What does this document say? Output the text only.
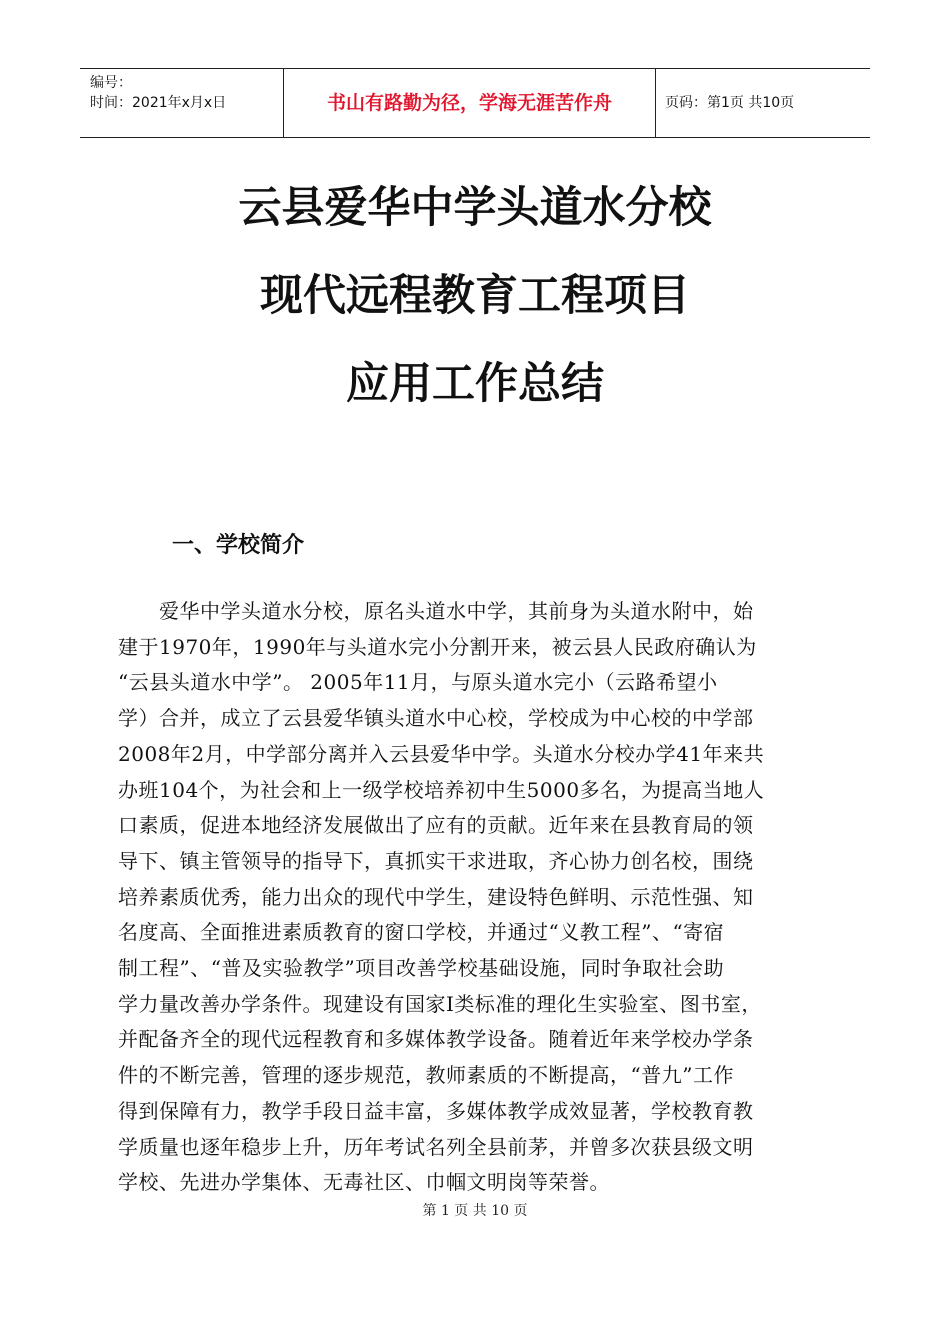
编号：
时间：2021年x月x日	书山有路勤为径，学海无涯苦作舟	页码：第1页 共10页
云县爱华中学头道水分校
现代远程教育工程项目
应用工作总结
一、学校简介
　　爱华中学头道水分校，原名头道水中学，其前身为头道水附中，始
建于1970年，1990年与头道水完小分割开来，被云县人民政府确认为
“云县头道水中学”。 2005年11月，与原头道水完小（云路希望小
学）合并，成立了云县爱华镇头道水中心校，学校成为中心校的中学部
2008年2月，中学部分离并入云县爱华中学。头道水分校办学41年来共
办班104个，为社会和上一级学校培养初中生5000多名，为提高当地人
口素质，促进本地经济发展做出了应有的贡献。近年来在县教育局的领
导下、镇主管领导的指导下，真抓实干求进取，齐心协力创名校，围绕
培养素质优秀，能力出众的现代中学生，建设特色鲜明、示范性强、知
名度高、全面推进素质教育的窗口学校，并通过“义教工程”、“寄宿
制工程”、“普及实验教学”项目改善学校基础设施，同时争取社会助
学力量改善办学条件。现建设有国家Ⅰ类标准的理化生实验室、图书室，
并配备齐全的现代远程教育和多媒体教学设备。随着近年来学校办学条
件的不断完善，管理的逐步规范，教师素质的不断提高，“普九”工作
得到保障有力，教学手段日益丰富，多媒体教学成效显著，学校教育教
学质量也逐年稳步上升，历年考试名列全县前茅，并曾多次获县级文明
学校、先进办学集体、无毒社区、巾帼文明岗等荣誉。
第 1 页 共 10 页
